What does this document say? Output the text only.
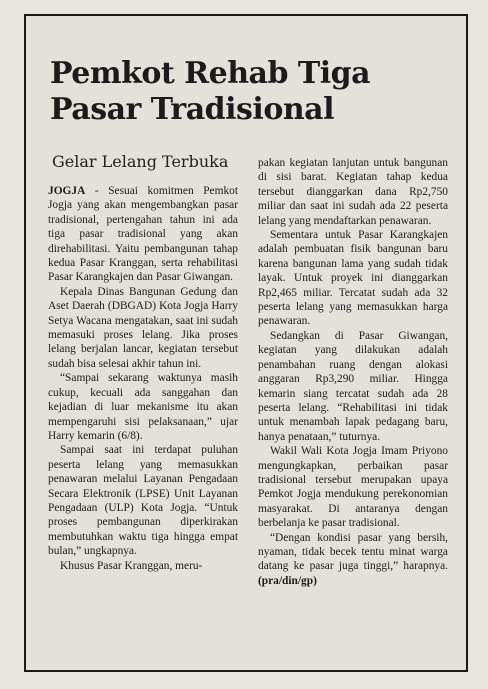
Pemkot Rehab Tiga
Pasar Tradisional
Gelar Lelang Terbuka

JOGJA - Sesuai komitmen Pemkot Jogja yang akan mengembangkan pasar tradisional, pertengahan tahun ini ada tiga pasar tradisional yang akan direhabilitasi. Yaitu pembangunan tahap kedua Pasar Kranggan, serta rehabilitasi Pasar Karangkajen dan Pasar Giwangan.

Kepala Dinas Bangunan Gedung dan Aset Daerah (DBGAD) Kota Jogja Harry Setya Wacana mengatakan, saat ini sudah memasuki proses lelang. Jika proses lelang berjalan lancar, kegiatan tersebut sudah bisa selesai akhir tahun ini.

“Sampai sekarang waktunya masih cukup, kecuali ada sanggahan dan kejadian di luar mekanisme itu akan mempengaruhi sisi pelaksanaan,” ujar Harry kemarin (6/8).

Sampai saat ini terdapat puluhan peserta lelang yang memasukkan penawaran melalui Layanan Pengadaan Secara Elektronik (LPSE) Unit Layanan Pengadaan (ULP) Kota Jogja. “Untuk proses pembangunan diperkirakan membutuhkan waktu tiga hingga empat bulan,” ungkapnya.

Khusus Pasar Kranggan, meru-

pakan kegiatan lanjutan untuk bangunan di sisi barat. Kegiatan tahap kedua tersebut dianggarkan dana Rp2,750 miliar dan saat ini sudah ada 22 peserta lelang yang mendaftarkan penawaran.

Sementara untuk Pasar Karangkajen adalah pembuatan fisik bangunan baru karena bangunan lama yang sudah tidak layak. Untuk proyek ini dianggarkan Rp2,465 miliar. Tercatat sudah ada 32 peserta lelang yang memasukkan harga penawaran.

Sedangkan di Pasar Giwangan, kegiatan yang dilakukan adalah penambahan ruang dengan alokasi anggaran Rp3,290 miliar. Hingga kemarin siang tercatat sudah ada 28 peserta lelang. “Rehabilitasi ini tidak untuk menambah lapak pedagang baru, hanya penataan,” tuturnya.

Wakil Wali Kota Jogja Imam Priyono mengungkapkan, perbaikan pasar tradisional tersebut merupakan upaya Pemkot Jogja mendukung perekonomian masyarakat. Di antaranya dengan berbelanja ke pasar tradisional.

“Dengan kondisi pasar yang bersih, nyaman, tidak becek tentu minat warga datang ke pasar juga tinggi,” harapnya. (pra/din/gp)
